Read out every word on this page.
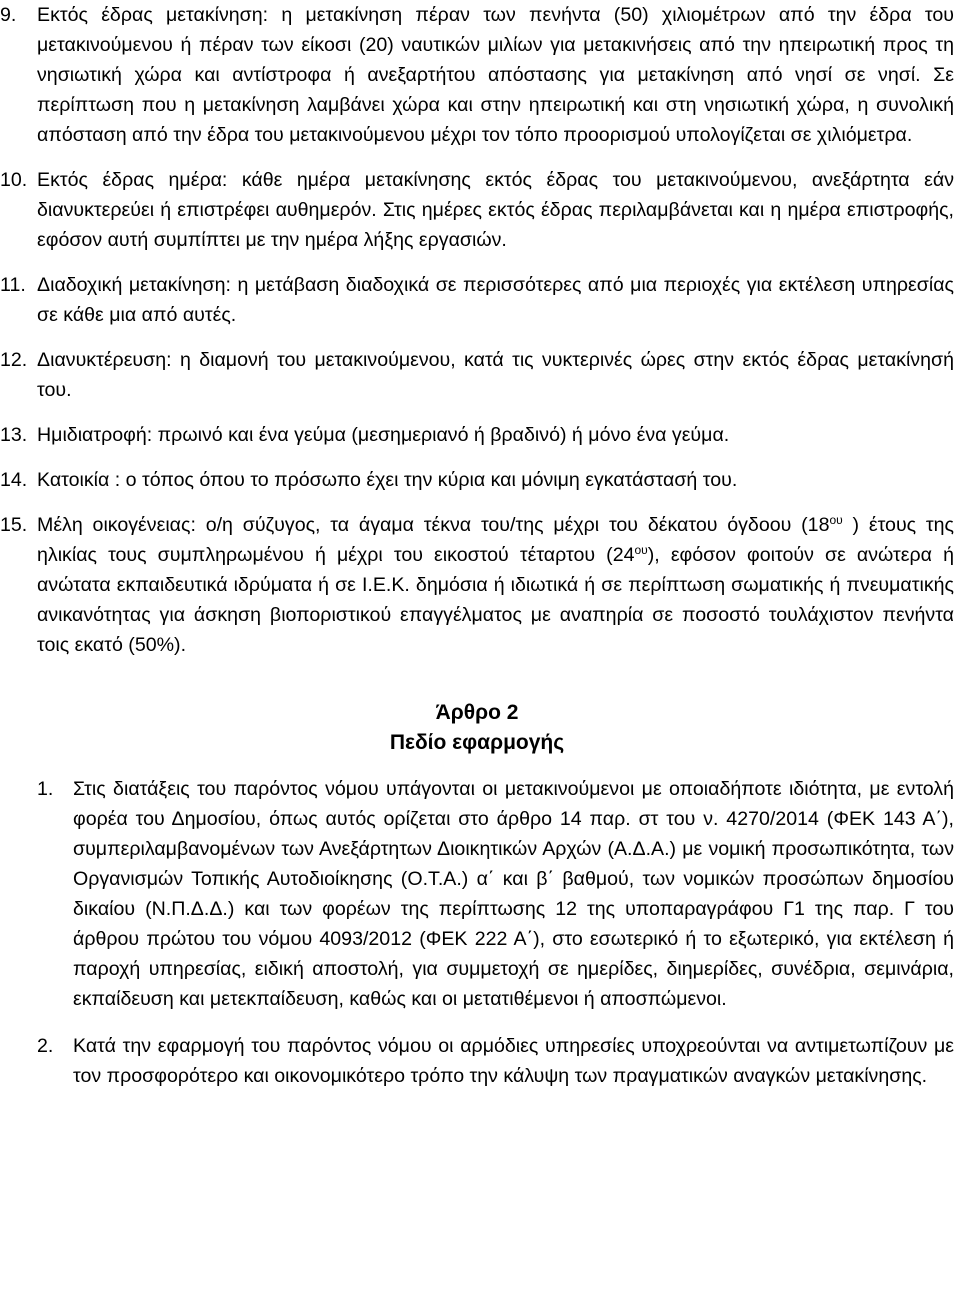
9.	Εκτός έδρας μετακίνηση: η μετακίνηση πέραν των πενήντα (50) χιλιομέτρων από την έδρα του μετακινούμενου ή πέραν των είκοσι (20) ναυτικών μιλίων για μετακινήσεις από την ηπειρωτική προς τη νησιωτική χώρα και αντίστροφα ή ανεξαρτήτου απόστασης για μετακίνηση από νησί σε νησί. Σε περίπτωση που η μετακίνηση λαμβάνει χώρα και στην ηπειρωτική και στη νησιωτική χώρα, η συνολική απόσταση από την έδρα του μετακινούμενου μέχρι τον τόπο προορισμού υπολογίζεται σε χιλιόμετρα.
10. Εκτός έδρας ημέρα: κάθε ημέρα μετακίνησης εκτός έδρας του μετακινούμενου, ανεξάρτητα εάν διανυκτερεύει ή επιστρέφει αυθημερόν. Στις ημέρες εκτός έδρας περιλαμβάνεται και η ημέρα επιστροφής, εφόσον αυτή συμπίπτει με την ημέρα λήξης εργασιών.
11. Διαδοχική μετακίνηση: η μετάβαση διαδοχικά σε περισσότερες από μια περιοχές για εκτέλεση υπηρεσίας σε κάθε μια από αυτές.
12. Διανυκτέρευση: η διαμονή του μετακινούμενου, κατά τις νυκτερινές ώρες στην εκτός έδρας μετακίνησή του.
13. Ημιδιατροφή: πρωινό και ένα γεύμα (μεσημεριανό ή βραδινό) ή μόνο ένα γεύμα.
14. Κατοικία : ο τόπος όπου το πρόσωπο έχει την κύρια και μόνιμη εγκατάστασή του.
15. Μέλη οικογένειας: ο/η σύζυγος, τα άγαμα τέκνα του/της μέχρι του δέκατου όγδοου ($18^{o\upsilon}$ ) έτους της ηλικίας τους συμπληρωμένου ή μέχρι του εικοστού τέταρτου $(24^{o\upsilon})$, εφόσον φοιτούν σε ανώτερα ή ανώτατα εκπαιδευτικά ιδρύματα ή σε Ι.Ε.Κ. δημόσια ή ιδιωτικά ή σε περίπτωση σωματικής ή πνευματικής ανικανότητας για άσκηση βιοποριστικού επαγγέλματος με αναπηρία σε ποσοστό τουλάχιστον πενήντα τοις εκατό (50%).
Άρθρο 2
Πεδίο εφαρμογής
1.	Στις διατάξεις του παρόντος νόμου υπάγονται οι μετακινούμενοι με οποιαδήποτε ιδιότητα, με εντολή φορέα του Δημοσίου, όπως αυτός ορίζεται στο άρθρο 14 παρ. στ του ν. 4270/2014 (ΦΕΚ 143 Α΄), συμπεριλαμβανομένων των Ανεξάρτητων Διοικητικών Αρχών (Α.Δ.Α.) με νομική προσωπικότητα, των Οργανισμών Τοπικής Αυτοδιοίκησης (Ο.Τ.Α.) α΄ και β΄ βαθμού, των νομικών προσώπων δημοσίου δικαίου (Ν.Π.Δ.Δ.) και των φορέων της περίπτωσης 12 της υποπαραγράφου Γ1 της παρ. Γ του άρθρου πρώτου του νόμου 4093/2012 (ΦΕΚ 222 Α΄), στο εσωτερικό ή το εξωτερικό, για εκτέλεση ή παροχή υπηρεσίας, ειδική αποστολή, για συμμετοχή σε ημερίδες, διημερίδες, συνέδρια, σεμινάρια, εκπαίδευση και μετεκπαίδευση, καθώς και οι μετατιθέμενοι ή αποσπώμενοι.
2.	Κατά την εφαρμογή του παρόντος νόμου οι αρμόδιες υπηρεσίες υποχρεούνται να αντιμετωπίζουν με τον προσφορότερο και οικονομικότερο τρόπο την κάλυψη των πραγματικών αναγκών μετακίνησης.
